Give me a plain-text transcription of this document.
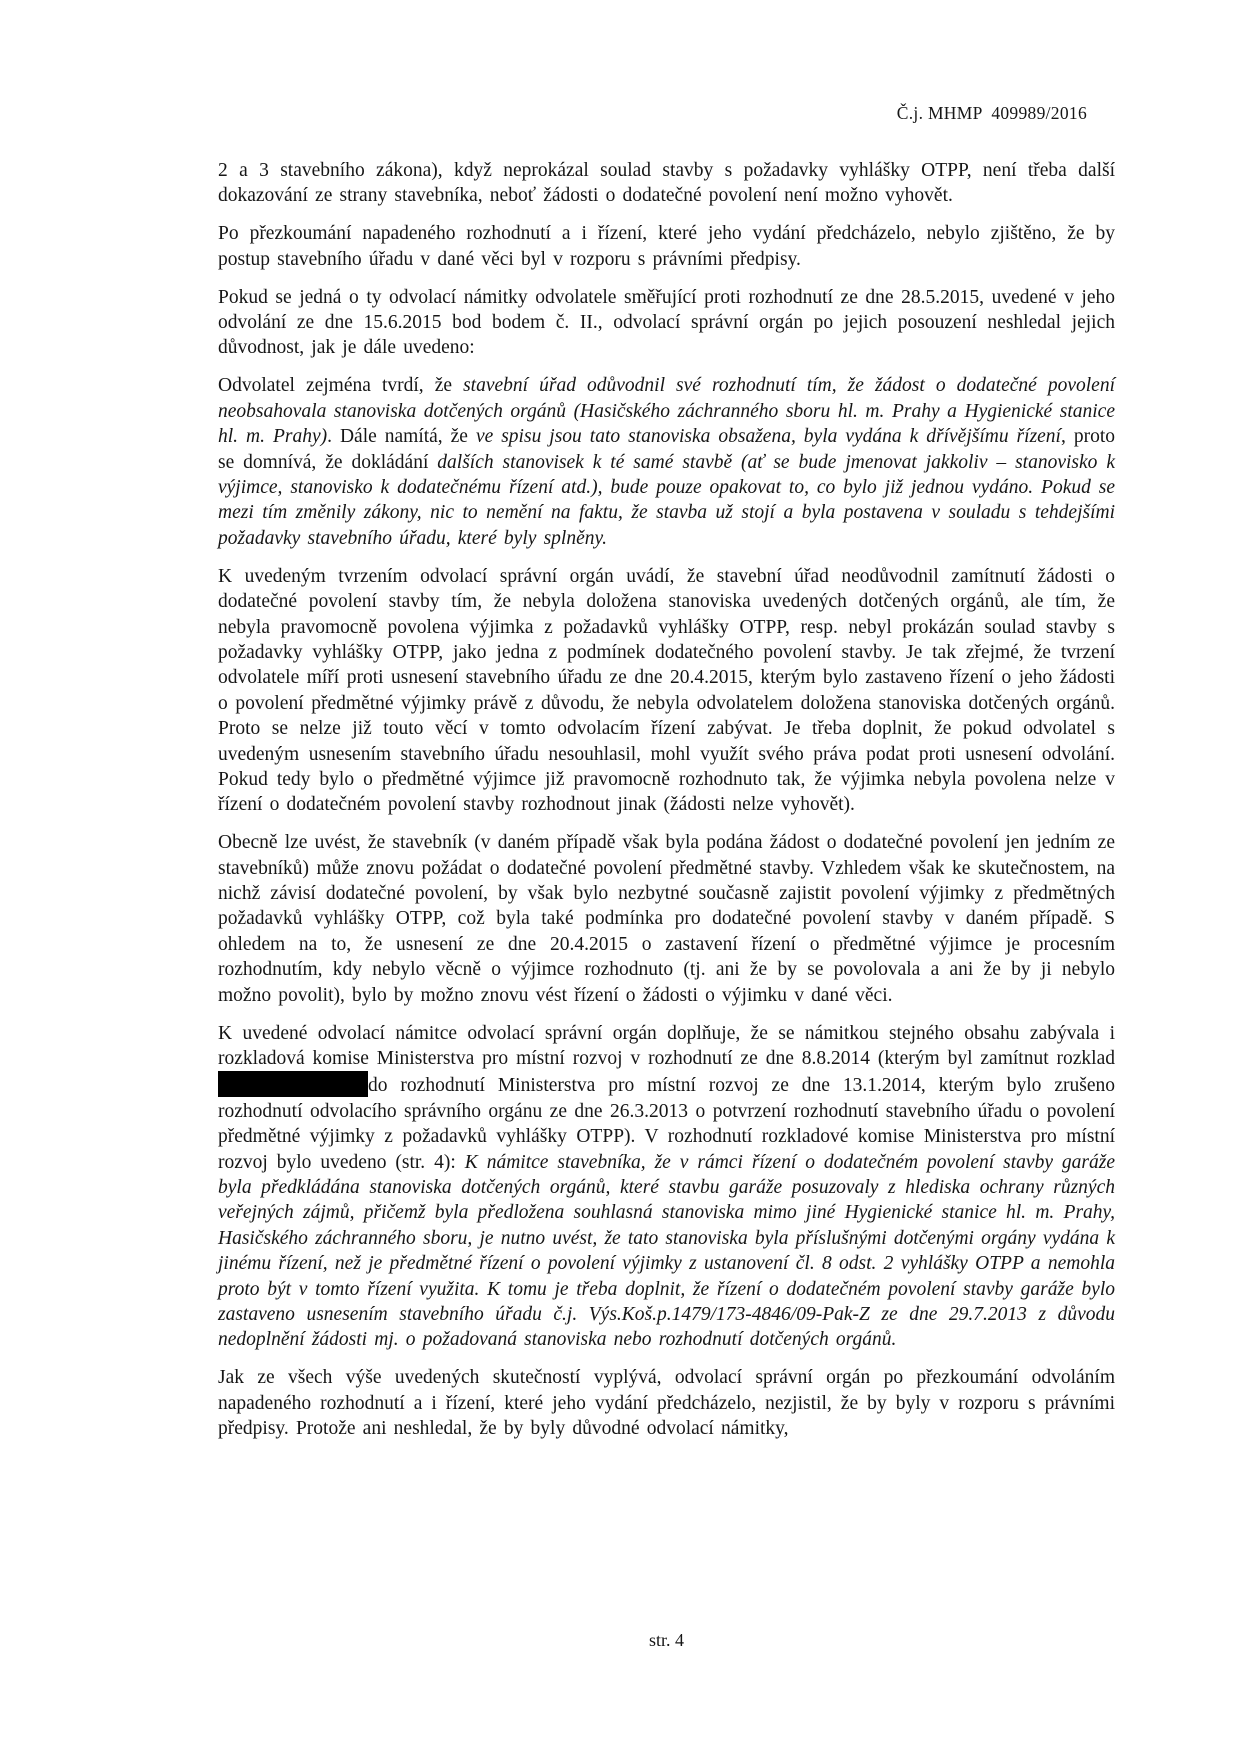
Č.j. MHMP  409989/2016

2 a 3 stavebního zákona), když neprokázal soulad stavby s požadavky vyhlášky OTPP, není třeba další dokazování ze strany stavebníka, neboť žádosti o dodatečné povolení není možno vyhovět.

Po přezkoumání napadeného rozhodnutí a i řízení, které jeho vydání předcházelo, nebylo zjištěno, že by postup stavebního úřadu v dané věci byl v rozporu s právními předpisy.

Pokud se jedná o ty odvolací námitky odvolatele směřující proti rozhodnutí ze dne 28.5.2015, uvedené v jeho odvolání ze dne 15.6.2015 bod bodem č. II., odvolací správní orgán po jejich posouzení neshledal jejich důvodnost, jak je dále uvedeno:

Odvolatel zejména tvrdí, že stavební úřad odůvodnil své rozhodnutí tím, že žádost o dodatečné povolení neobsahovala stanoviska dotčených orgánů (Hasičského záchranného sboru hl. m. Prahy a Hygienické stanice hl. m. Prahy). Dále namítá, že ve spisu jsou tato stanoviska obsažena, byla vydána k dřívějšímu řízení, proto se domnívá, že dokládání dalších stanovisek k té samé stavbě (ať se bude jmenovat jakkoliv – stanovisko k výjimce, stanovisko k dodatečnému řízení atd.), bude pouze opakovat to, co bylo již jednou vydáno. Pokud se mezi tím změnily zákony, nic to nemění na faktu, že stavba už stojí a byla postavena v souladu s tehdejšími požadavky stavebního úřadu, které byly splněny.

K uvedeným tvrzením odvolací správní orgán uvádí, že stavební úřad neodůvodnil zamítnutí žádosti o dodatečné povolení stavby tím, že nebyla doložena stanoviska uvedených dotčených orgánů, ale tím, že nebyla pravomocně povolena výjimka z požadavků vyhlášky OTPP, resp. nebyl prokázán soulad stavby s požadavky vyhlášky OTPP, jako jedna z podmínek dodatečného povolení stavby. Je tak zřejmé, že tvrzení odvolatele míří proti usnesení stavebního úřadu ze dne 20.4.2015, kterým bylo zastaveno řízení o jeho žádosti o povolení předmětné výjimky právě z důvodu, že nebyla odvolatelem doložena stanoviska dotčených orgánů. Proto se nelze již touto věcí v tomto odvolacím řízení zabývat. Je třeba doplnit, že pokud odvolatel s uvedeným usnesením stavebního úřadu nesouhlasil, mohl využít svého práva podat proti usnesení odvolání. Pokud tedy bylo o předmětné výjimce již pravomocně rozhodnuto tak, že výjimka nebyla povolena nelze v řízení o dodatečném povolení stavby rozhodnout jinak (žádosti nelze vyhovět).

Obecně lze uvést, že stavebník (v daném případě však byla podána žádost o dodatečné povolení jen jedním ze stavebníků) může znovu požádat o dodatečné povolení předmětné stavby. Vzhledem však ke skutečnostem, na nichž závisí dodatečné povolení, by však bylo nezbytné současně zajistit povolení výjimky z předmětných požadavků vyhlášky OTPP, což byla také podmínka pro dodatečné povolení stavby v daném případě. S ohledem na to, že usnesení ze dne 20.4.2015 o zastavení řízení o předmětné výjimce je procesním rozhodnutím, kdy nebylo věcně o výjimce rozhodnuto (tj. ani že by se povolovala a ani že by ji nebylo možno povolit), bylo by možno znovu vést řízení o žádosti o výjimku v dané věci.

K uvedené odvolací námitce odvolací správní orgán doplňuje, že se námitkou stejného obsahu zabývala i rozkladová komise Ministerstva pro místní rozvoj v rozhodnutí ze dne 8.8.2014 (kterým byl zamítnut rozklad do rozhodnutí Ministerstva pro místní rozvoj ze dne 13.1.2014, kterým bylo zrušeno rozhodnutí odvolacího správního orgánu ze dne 26.3.2013 o potvrzení rozhodnutí stavebního úřadu o povolení předmětné výjimky z požadavků vyhlášky OTPP). V rozhodnutí rozkladové komise Ministerstva pro místní rozvoj bylo uvedeno (str. 4): K námitce stavebníka, že v rámci řízení o dodatečném povolení stavby garáže byla předkládána stanoviska dotčených orgánů, které stavbu garáže posuzovaly z hlediska ochrany různých veřejných zájmů, přičemž byla předložena souhlasná stanoviska mimo jiné Hygienické stanice hl. m. Prahy, Hasičského záchranného sboru, je nutno uvést, že tato stanoviska byla příslušnými dotčenými orgány vydána k jinému řízení, než je předmětné řízení o povolení výjimky z ustanovení čl. 8 odst. 2 vyhlášky OTPP a nemohla proto být v tomto řízení využita. K tomu je třeba doplnit, že řízení o dodatečném povolení stavby garáže bylo zastaveno usnesením stavebního úřadu č.j. Výs.Koš.p.1479/173-4846/09-Pak-Z ze dne 29.7.2013 z důvodu nedoplnění žádosti mj. o požadovaná stanoviska nebo rozhodnutí dotčených orgánů.

Jak ze všech výše uvedených skutečností vyplývá, odvolací správní orgán po přezkoumání odvoláním napadeného rozhodnutí a i řízení, které jeho vydání předcházelo, nezjistil, že by byly v rozporu s právními předpisy. Protože ani neshledal, že by byly důvodné odvolací námitky,

str. 4
